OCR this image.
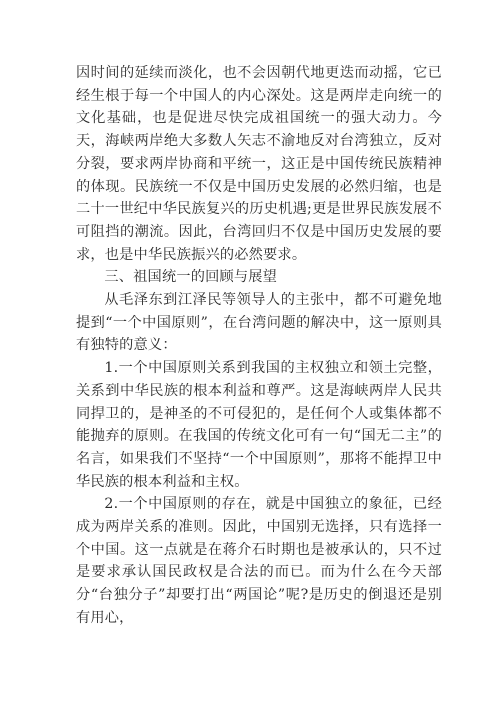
因时间的延续而淡化，也不会因朝代地更迭而动摇，它已经生根于每一个中国人的内心深处。这是两岸走向统一的文化基础，也是促进尽快完成祖国统一的强大动力。今天，海峡两岸绝大多数人矢志不渝地反对台湾独立，反对分裂，要求两岸协商和平统一，这正是中国传统民族精神的体现。民族统一不仅是中国历史发展的必然归缩，也是二十一世纪中华民族复兴的历史机遇;更是世界民族发展不可阻挡的潮流。因此，台湾回归不仅是中国历史发展的要求，也是中华民族振兴的必然要求。

三、祖国统一的回顾与展望

从毛泽东到江泽民等领导人的主张中，都不可避免地提到“一个中国原则”，在台湾问题的解决中，这一原则具有独特的意义：

1.一个中国原则关系到我国的主权独立和领土完整，关系到中华民族的根本利益和尊严。这是海峡两岸人民共同捍卫的，是神圣的不可侵犯的，是任何个人或集体都不能抛弃的原则。在我国的传统文化可有一句“国无二主”的名言，如果我们不坚持“一个中国原则”，那将不能捍卫中华民族的根本利益和主权。

2.一个中国原则的存在，就是中国独立的象征，已经成为两岸关系的准则。因此，中国别无选择，只有选择一个中国。这一点就是在蒋介石时期也是被承认的，只不过是要求承认国民政权是合法的而已。而为什么在今天部分“台独分子”却要打出“两国论”呢?是历史的倒退还是别有用心，
